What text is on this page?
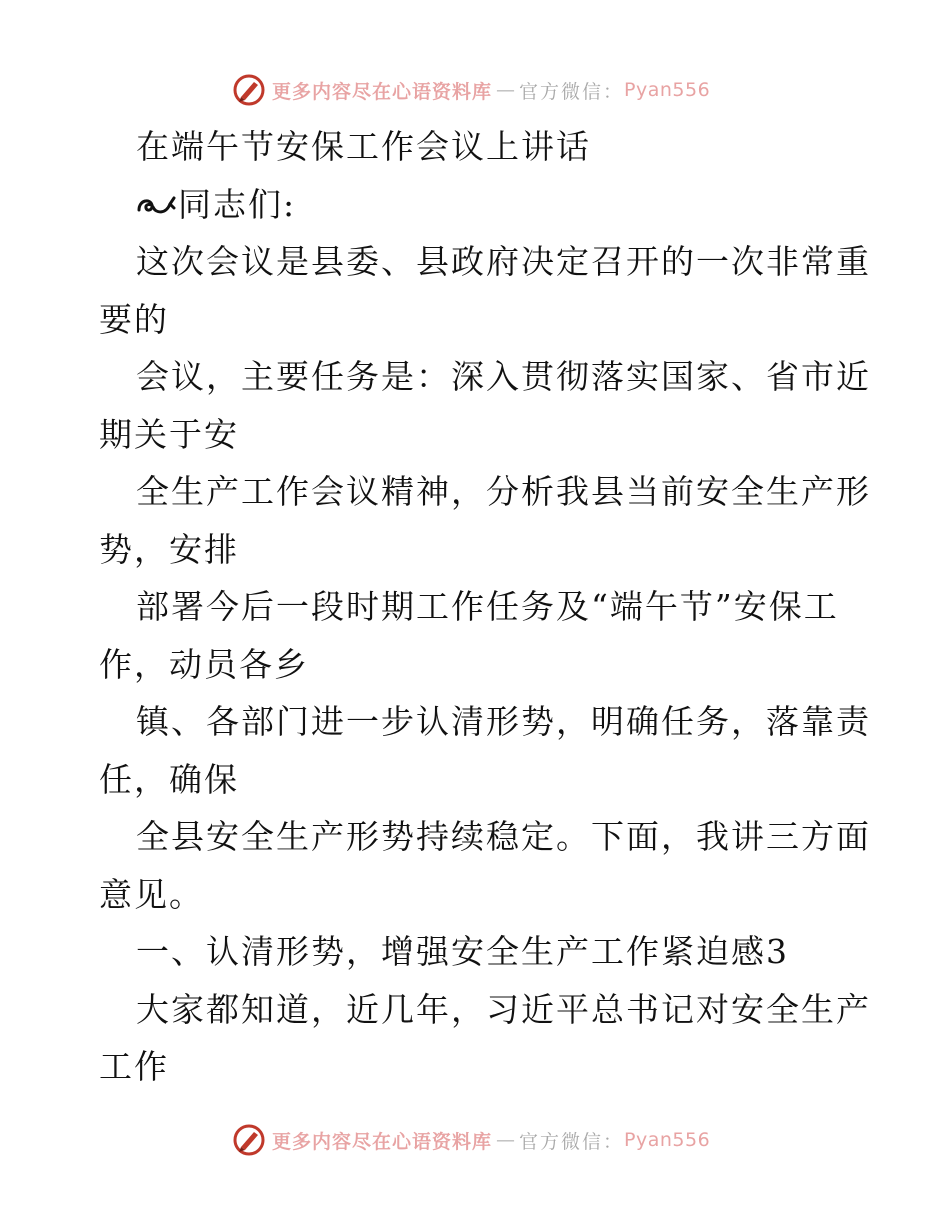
更多内容尽在心语资料库 — 官方微信： Pyan556
在端午节安保工作会议上讲话
同志们:
这次会议是县委、县政府决定召开的一次非常重
要的
会议，主要任务是：深入贯彻落实国家、省市近
期关于安
全生产工作会议精神，分析我县当前安全生产形
势，安排
部署今后一段时期工作任务及“端午节”安保工
作，动员各乡
镇、各部门进一步认清形势，明确任务，落靠责
任，确保
全县安全生产形势持续稳定。下面，我讲三方面
意见。
一、认清形势，增强安全生产工作紧迫感3
大家都知道，近几年，习近平总书记对安全生产
工作
更多内容尽在心语资料库 — 官方微信： Pyan556
